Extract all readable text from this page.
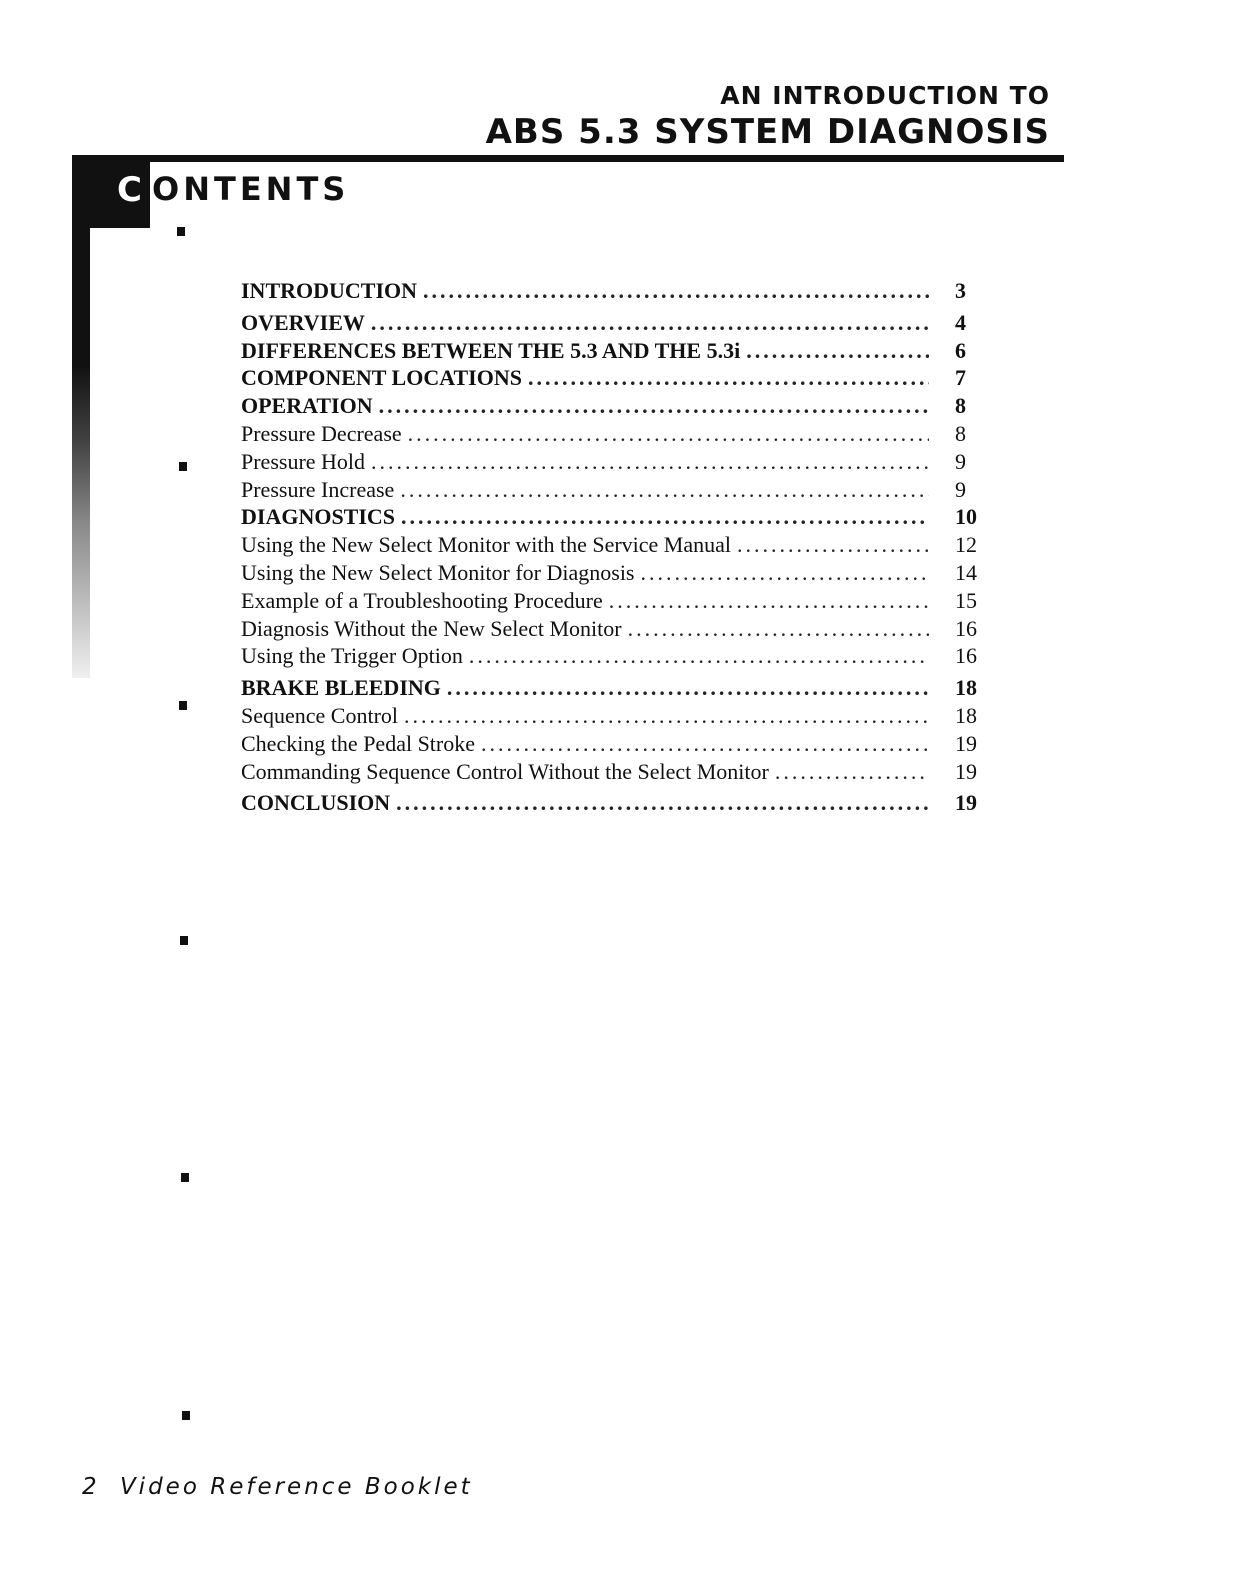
AN INTRODUCTION TO
ABS 5.3 SYSTEM DIAGNOSIS
C ONTENTS
INTRODUCTION .....	3
OVERVIEW .....	4
DIFFERENCES BETWEEN THE 5.3 AND THE 5.3i .....	6
COMPONENT LOCATIONS .....	7
OPERATION .....	8
Pressure Decrease .....	8
Pressure Hold .....	9
Pressure Increase .....	9
DIAGNOSTICS .....	10
Using the New Select Monitor with the Service Manual .....	12
Using the New Select Monitor for Diagnosis .....	14
Example of a Troubleshooting Procedure .....	15
Diagnosis Without the New Select Monitor .....	16
Using the Trigger Option .....	16
BRAKE BLEEDING .....	18
Sequence Control .....	18
Checking the Pedal Stroke .....	19
Commanding Sequence Control Without the Select Monitor .....	19
CONCLUSION .....	19
2 Video Reference Booklet
